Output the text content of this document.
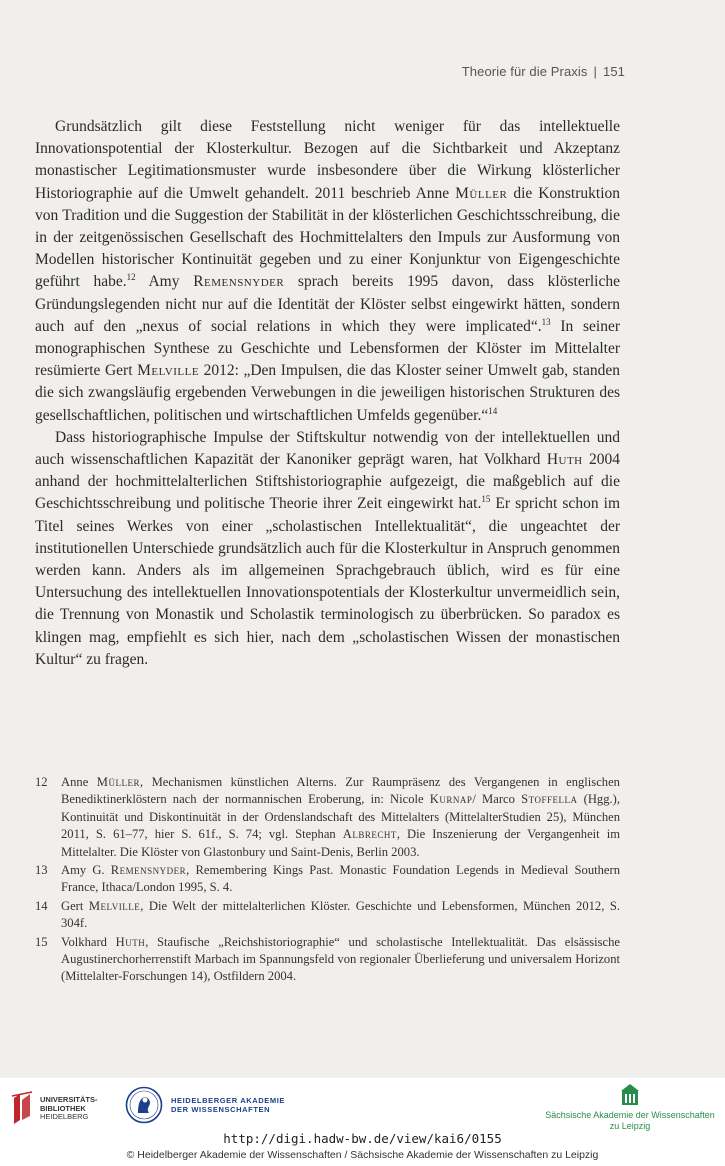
Theorie für die Praxis | 151

Grundsätzlich gilt diese Feststellung nicht weniger für das intellektuelle Innovationspotential der Klosterkultur. Bezogen auf die Sichtbarkeit und Akzeptanz monastischer Legitimationsmuster wurde insbesondere über die Wirkung klösterlicher Historiographie auf die Umwelt gehandelt. 2011 beschrieb Anne Müller die Konstruktion von Tradition und die Suggestion der Stabilität in der klösterlichen Geschichtsschreibung, die in der zeitgenössischen Gesellschaft des Hochmittelalters den Impuls zur Ausformung von Modellen historischer Kontinuität gegeben und zu einer Konjunktur von Eigengeschichte geführt habe.$^{12}$ Amy Remensnyder sprach bereits 1995 davon, dass klösterliche Gründungslegenden nicht nur auf die Identität der Klöster selbst eingewirkt hätten, sondern auch auf den „nexus of social relations in which they were implicated“.$^{13}$ In seiner monographischen Synthese zu Geschichte und Lebensformen der Klöster im Mittelalter resümierte Gert Melville 2012: „Den Impulsen, die das Kloster seiner Umwelt gab, standen die sich zwangsläufig ergebenden Verwebungen in die jeweiligen historischen Strukturen des gesellschaftlichen, politischen und wirtschaftlichen Umfelds gegenüber.“$^{14}$

Dass historiographische Impulse der Stiftskultur notwendig von der intellektuellen und auch wissenschaftlichen Kapazität der Kanoniker geprägt waren, hat Volkhard Huth 2004 anhand der hochmittelalterlichen Stiftshistoriographie aufgezeigt, die maßgeblich auf die Geschichtsschreibung und politische Theorie ihrer Zeit eingewirkt hat.$^{15}$ Er spricht schon im Titel seines Werkes von einer „scholastischen Intellektualität“, die ungeachtet der institutionellen Unterschiede grundsätzlich auch für die Klosterkultur in Anspruch genommen werden kann. Anders als im allgemeinen Sprachgebrauch üblich, wird es für eine Untersuchung des intellektuellen Innovationspotentials der Klosterkultur unvermeidlich sein, die Trennung von Monastik und Scholastik terminologisch zu überbrücken. So paradox es klingen mag, empfiehlt es sich hier, nach dem „scholastischen Wissen der monastischen Kultur“ zu fragen.

12 Anne Müller, Mechanismen künstlichen Alterns. Zur Raumpräsenz des Vergangenen in englischen Benediktinerklöstern nach der normannischen Eroberung, in: Nicole Kurnap/ Marco Stoffella (Hgg.), Kontinuität und Diskontinuität in der Ordenslandschaft des Mittelalters (MittelalterStudien 25), München 2011, S. 61–77, hier S. 61f., S. 74; vgl. Stephan Albrecht, Die Inszenierung der Vergangenheit im Mittelalter. Die Klöster von Glastonbury und Saint-Denis, Berlin 2003.
13 Amy G. Remensnyder, Remembering Kings Past. Monastic Foundation Legends in Medieval Southern France, Ithaca/London 1995, S. 4.
14 Gert Melville, Die Welt der mittelalterlichen Klöster. Geschichte und Lebensformen, München 2012, S. 304f.
15 Volkhard Huth, Staufische „Reichshistoriographie“ und scholastische Intellektualität. Das elsässische Augustinerchorherrenstift Marbach im Spannungsfeld von regionaler Überlieferung und universalem Horizont (Mittelalter-Forschungen 14), Ostfildern 2004.
UNIVERSITÄTS-
BIBLIOTHEK
HEIDELBERG
HEIDELBERGER AKADEMIE
DER WISSENSCHAFTEN
Sächsische Akademie der Wissenschaften
zu Leipzig
http://digi.hadw-bw.de/view/kai6/0155
© Heidelberger Akademie der Wissenschaften / Sächsische Akademie der Wissenschaften zu Leipzig
